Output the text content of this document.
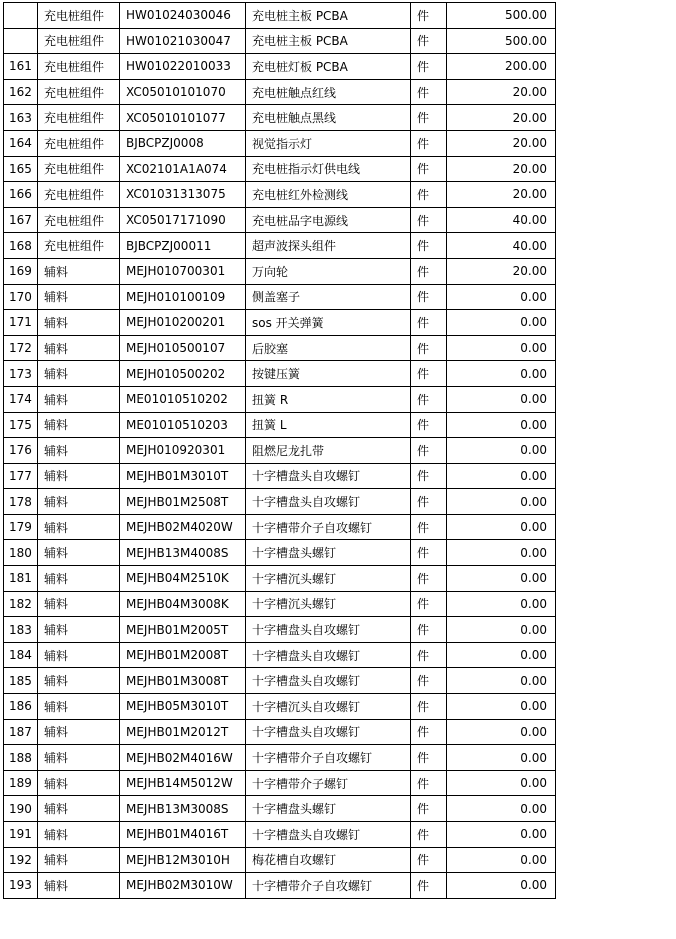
	充电桩组件	HW01024030046	充电桩主板 PCBA	件	500.00
	充电桩组件	HW01021030047	充电桩主板 PCBA	件	500.00
161	充电桩组件	HW01022010033	充电桩灯板 PCBA	件	200.00
162	充电桩组件	XC05010101070	充电桩触点红线	件	20.00
163	充电桩组件	XC05010101077	充电桩触点黑线	件	20.00
164	充电桩组件	BJBCPZJ0008	视觉指示灯	件	20.00
165	充电桩组件	XC02101A1A074	充电桩指示灯供电线	件	20.00
166	充电桩组件	XC01031313075	充电桩红外检测线	件	20.00
167	充电桩组件	XC05017171090	充电桩品字电源线	件	40.00
168	充电桩组件	BJBCPZJ00011	超声波探头组件	件	40.00
169	辅料	MEJH010700301	万向轮	件	20.00
170	辅料	MEJH010100109	侧盖塞子	件	0.00
171	辅料	MEJH010200201	sos 开关弹簧	件	0.00
172	辅料	MEJH010500107	后胶塞	件	0.00
173	辅料	MEJH010500202	按键压簧	件	0.00
174	辅料	ME01010510202	扭簧 R	件	0.00
175	辅料	ME01010510203	扭簧 L	件	0.00
176	辅料	MEJH010920301	阻燃尼龙扎带	件	0.00
177	辅料	MEJHB01M3010T	十字槽盘头自攻螺钉	件	0.00
178	辅料	MEJHB01M2508T	十字槽盘头自攻螺钉	件	0.00
179	辅料	MEJHB02M4020W	十字槽带介子自攻螺钉	件	0.00
180	辅料	MEJHB13M4008S	十字槽盘头螺钉	件	0.00
181	辅料	MEJHB04M2510K	十字槽沉头螺钉	件	0.00
182	辅料	MEJHB04M3008K	十字槽沉头螺钉	件	0.00
183	辅料	MEJHB01M2005T	十字槽盘头自攻螺钉	件	0.00
184	辅料	MEJHB01M2008T	十字槽盘头自攻螺钉	件	0.00
185	辅料	MEJHB01M3008T	十字槽盘头自攻螺钉	件	0.00
186	辅料	MEJHB05M3010T	十字槽沉头自攻螺钉	件	0.00
187	辅料	MEJHB01M2012T	十字槽盘头自攻螺钉	件	0.00
188	辅料	MEJHB02M4016W	十字槽带介子自攻螺钉	件	0.00
189	辅料	MEJHB14M5012W	十字槽带介子螺钉	件	0.00
190	辅料	MEJHB13M3008S	十字槽盘头螺钉	件	0.00
191	辅料	MEJHB01M4016T	十字槽盘头自攻螺钉	件	0.00
192	辅料	MEJHB12M3010H	梅花槽自攻螺钉	件	0.00
193	辅料	MEJHB02M3010W	十字槽带介子自攻螺钉	件	0.00
